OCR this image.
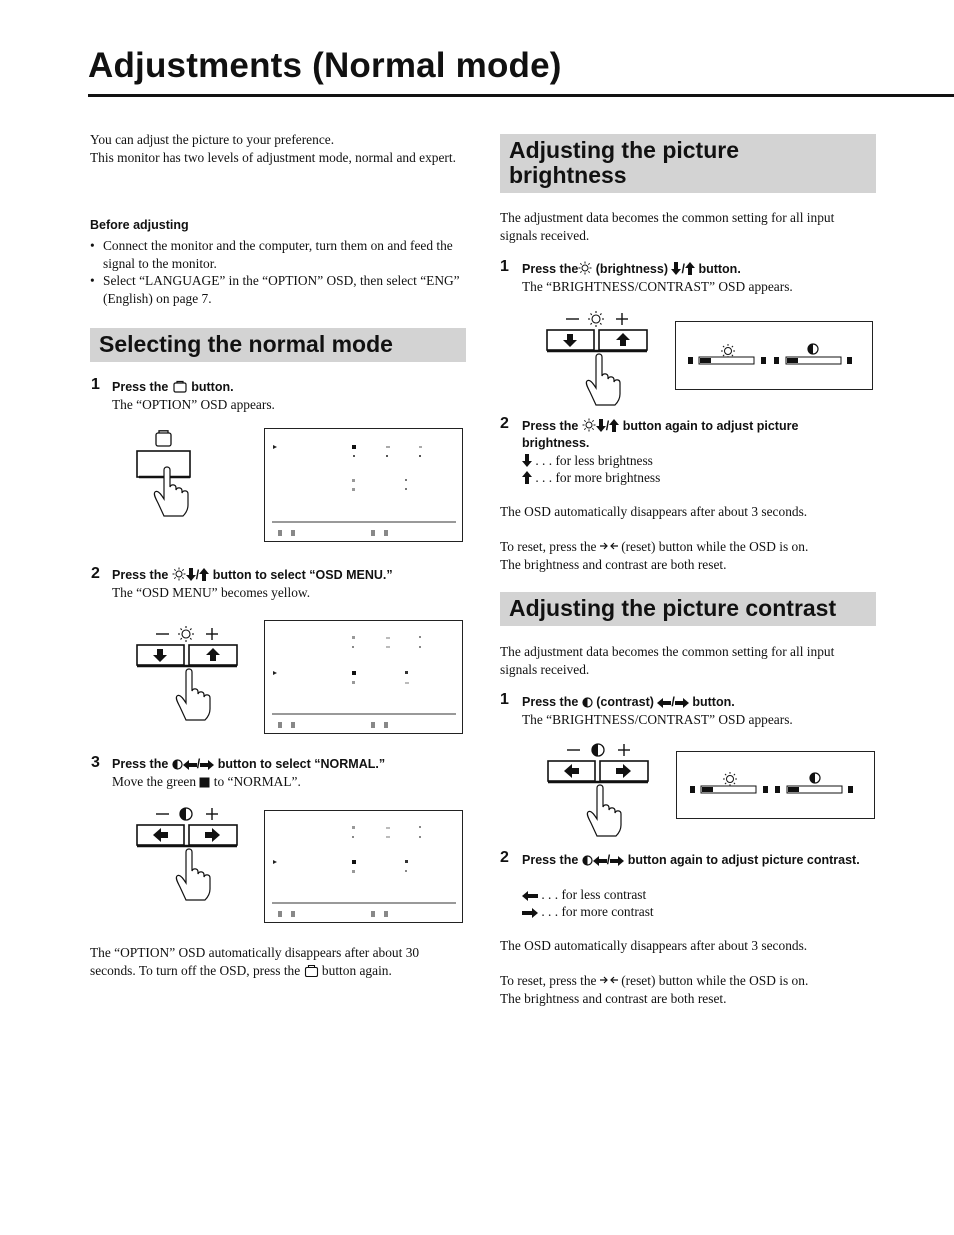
Adjustments (Normal mode)
You can adjust the picture to your preference.
This monitor has two levels of adjustment mode, normal and expert.
Before adjusting
• Connect the monitor and the computer, turn them on and feed the signal to the monitor.
• Select “LANGUAGE” in the “OPTION” OSD, then select “ENG” (English) on page 7.
Selecting the normal mode
1 Press the button.
The “OPTION” OSD appears.
2 Press the / button to select “OSD MENU.”
The “OSD MENU” becomes yellow.
3 Press the / button to select “NORMAL.”
Move the green to “NORMAL”.
The “OPTION” OSD automatically disappears after about 30 seconds. To turn off the OSD, press the button again.
Adjusting the picture
brightness
The adjustment data becomes the common setting for all input signals received.
1 Press the (brightness) / button.
The “BRIGHTNESS/CONTRAST” OSD appears.
2 Press the / button again to adjust picture brightness.
. . . for less brightness
. . . for more brightness
The OSD automatically disappears after about 3 seconds.
To reset, press the (reset) button while the OSD is on.
The brightness and contrast are both reset.
Adjusting the picture contrast
The adjustment data becomes the common setting for all input signals received.
1 Press the (contrast) / button.
The “BRIGHTNESS/CONTRAST” OSD appears.
2 Press the / button again to adjust picture contrast.
. . . for less contrast
. . . for more contrast
The OSD automatically disappears after about 3 seconds.
To reset, press the (reset) button while the OSD is on.
The brightness and contrast are both reset.
